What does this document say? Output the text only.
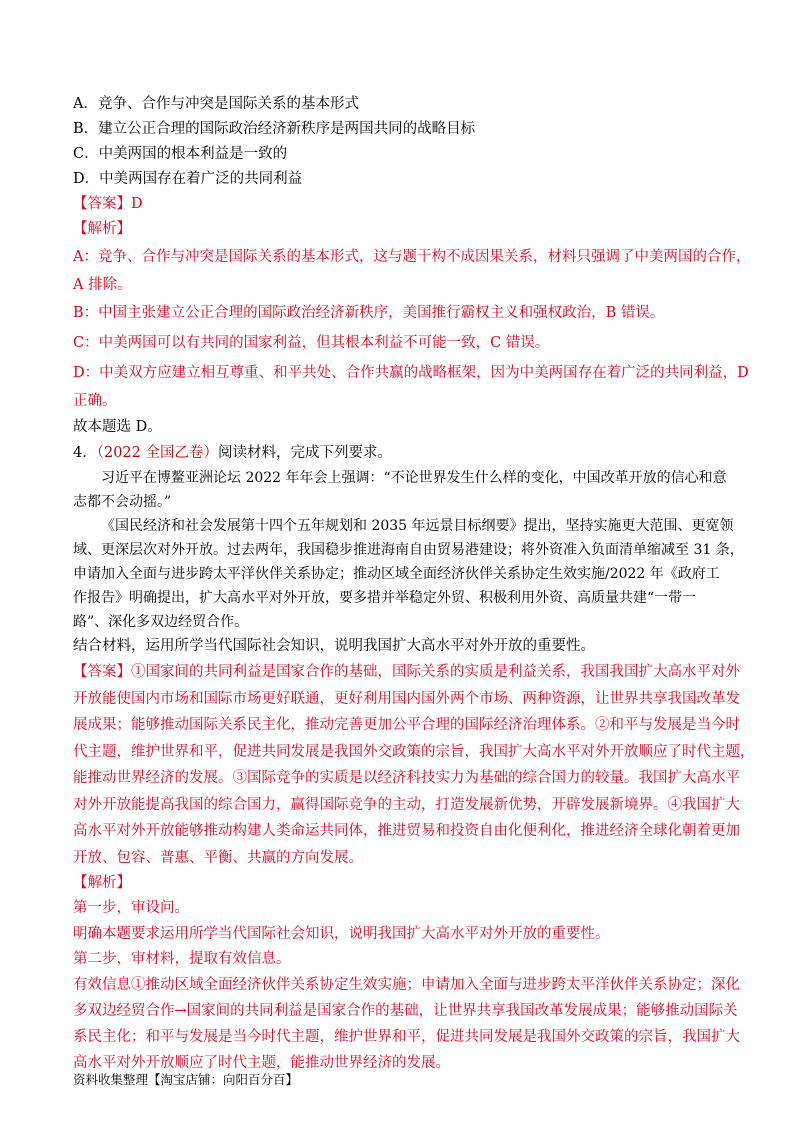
A．竞争、合作与冲突是国际关系的基本形式
B．建立公正合理的国际政治经济新秩序是两国共同的战略目标
C．中美两国的根本利益是一致的
D．中美两国存在着广泛的共同利益
【答案】D
【解析】
A：竞争、合作与冲突是国际关系的基本形式，这与题干构不成因果关系，材料只强调了中美两国的合作，
A 排除。
B：中国主张建立公正合理的国际政治经济新秩序，美国推行霸权主义和强权政治，B 错误。
C：中美两国可以有共同的国家利益，但其根本利益不可能一致，C 错误。
D：中美双方应建立相互尊重、和平共处、合作共赢的战略框架，因为中美两国存在着广泛的共同利益，D
正确。
故本题选 D。
4．（2022 全国乙卷）阅读材料，完成下列要求。
习近平在博鳌亚洲论坛 2022 年年会上强调：“不论世界发生什么样的变化，中国改革开放的信心和意
志都不会动摇。”
《国民经济和社会发展第十四个五年规划和 2035 年远景目标纲要》提出，坚持实施更大范围、更宽领
域、更深层次对外开放。过去两年，我国稳步推进海南自由贸易港建设；将外资准入负面清单缩减至 31 条，
申请加入全面与进步跨太平洋伙伴关系协定；推动区域全面经济伙伴关系协定生效实施/2022 年《政府工
作报告》明确提出，扩大高水平对外开放，要多措并举稳定外贸、积极利用外资、高质量共建“一带一
路”、深化多双边经贸合作。
结合材料，运用所学当代国际社会知识，说明我国扩大高水平对外开放的重要性。
【答案】①国家间的共同利益是国家合作的基础，国际关系的实质是利益关系，我国我国扩大高水平对外
开放能使国内市场和国际市场更好联通，更好利用国内国外两个市场、两种资源，让世界共享我国改革发
展成果；能够推动国际关系民主化，推动完善更加公平合理的国际经济治理体系。②和平与发展是当今时
代主题，维护世界和平，促进共同发展是我国外交政策的宗旨，我国扩大高水平对外开放顺应了时代主题，
能推动世界经济的发展。③国际竞争的实质是以经济科技实力为基础的综合国力的较量。我国扩大高水平
对外开放能提高我国的综合国力，赢得国际竞争的主动，打造发展新优势，开辟发展新境界。④我国扩大
高水平对外开放能够推动构建人类命运共同体，推进贸易和投资自由化便利化，推进经济全球化朝着更加
开放、包容、普惠、平衡、共赢的方向发展。
【解析】
第一步，审设问。
明确本题要求运用所学当代国际社会知识，说明我国扩大高水平对外开放的重要性。
第二步，审材料，提取有效信息。
有效信息①推动区域全面经济伙伴关系协定生效实施；申请加入全面与进步跨太平洋伙伴关系协定；深化
多双边经贸合作→国家间的共同利益是国家合作的基础，让世界共享我国改革发展成果；能够推动国际关
系民主化；和平与发展是当今时代主题，维护世界和平，促进共同发展是我国外交政策的宗旨，我国扩大
高水平对外开放顺应了时代主题，能推动世界经济的发展。
资料收集整理【淘宝店铺：向阳百分百】
